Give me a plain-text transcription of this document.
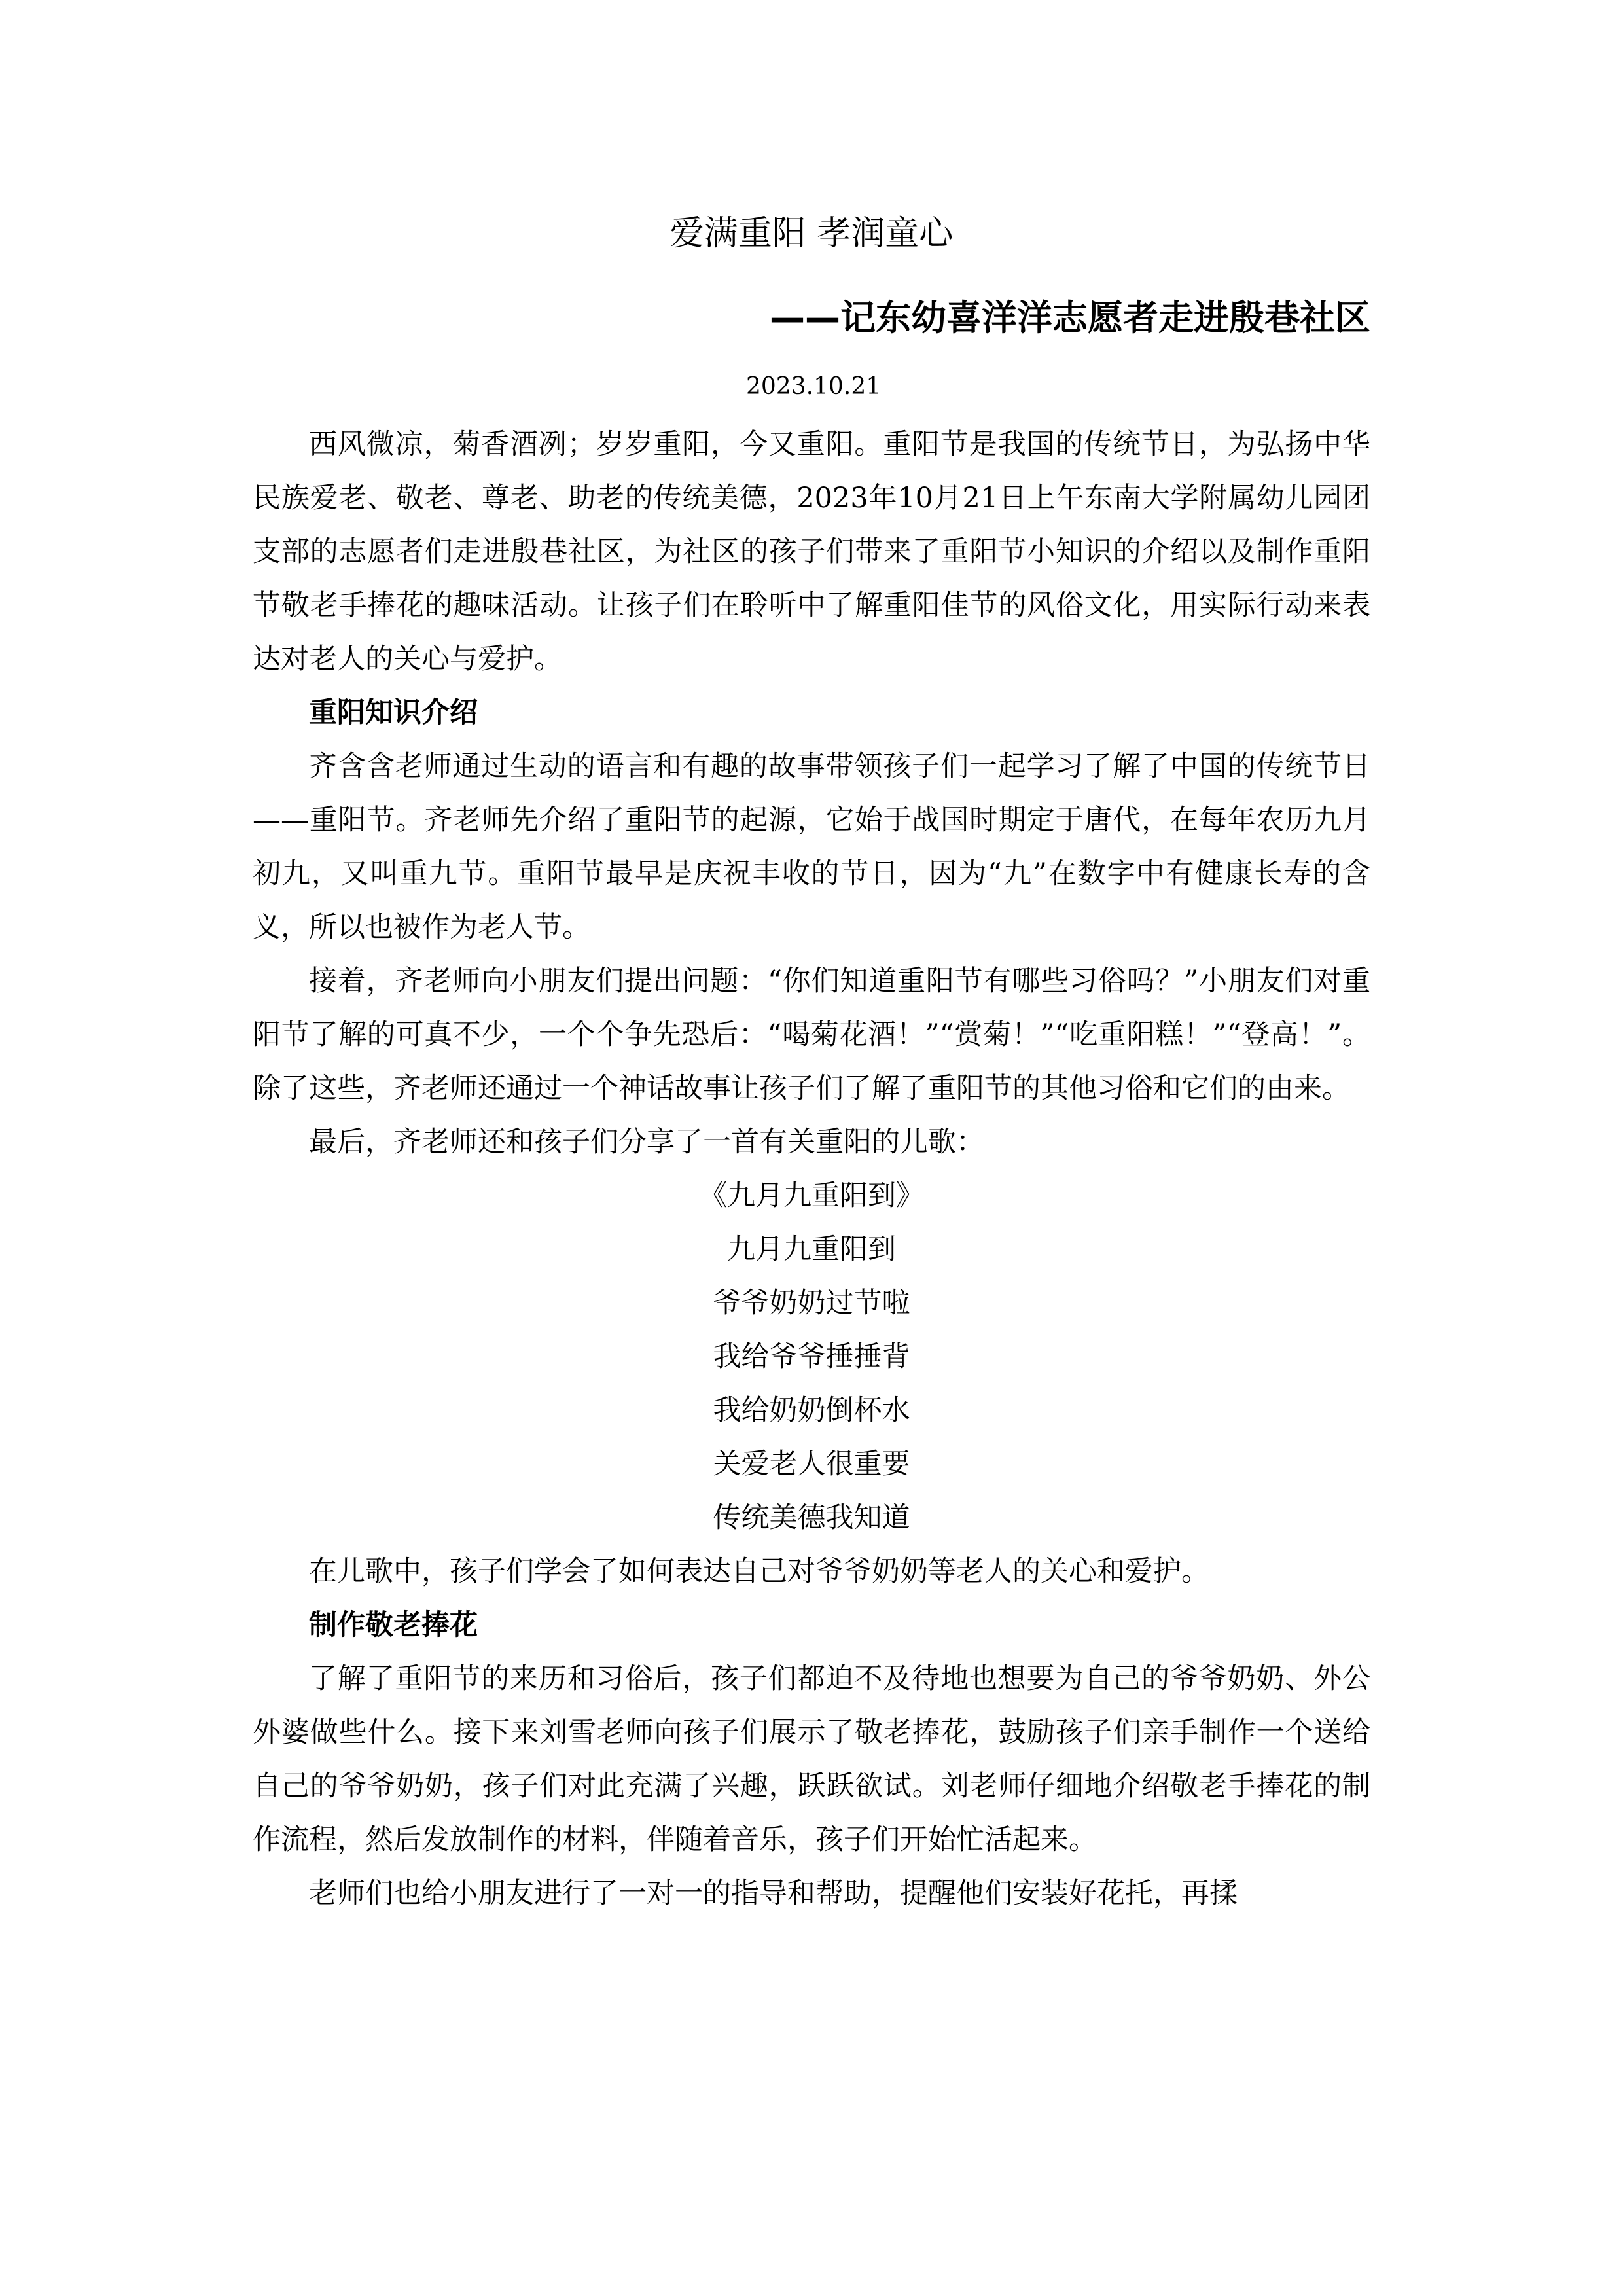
爱满重阳 孝润童心
——记东幼喜洋洋志愿者走进殷巷社区
2023.10.21

西风微凉，菊香酒冽；岁岁重阳，今又重阳。重阳节是我国的传统节日，为弘扬中华民族爱老、敬老、尊老、助老的传统美德，2023年10月21日上午东南大学附属幼儿园团支部的志愿者们走进殷巷社区，为社区的孩子们带来了重阳节小知识的介绍以及制作重阳节敬老手捧花的趣味活动。让孩子们在聆听中了解重阳佳节的风俗文化，用实际行动来表达对老人的关心与爱护。

重阳知识介绍

齐含含老师通过生动的语言和有趣的故事带领孩子们一起学习了解了中国的传统节日——重阳节。齐老师先介绍了重阳节的起源，它始于战国时期定于唐代，在每年农历九月初九，又叫重九节。重阳节最早是庆祝丰收的节日，因为“九”在数字中有健康长寿的含义，所以也被作为老人节。

接着，齐老师向小朋友们提出问题：“你们知道重阳节有哪些习俗吗？”小朋友们对重阳节了解的可真不少，一个个争先恐后：“喝菊花酒！”“赏菊！”“吃重阳糕！”“登高！”。除了这些，齐老师还通过一个神话故事让孩子们了解了重阳节的其他习俗和它们的由来。

最后，齐老师还和孩子们分享了一首有关重阳的儿歌：

《九月九重阳到》
九月九重阳到
爷爷奶奶过节啦
我给爷爷捶捶背
我给奶奶倒杯水
关爱老人很重要
传统美德我知道

在儿歌中，孩子们学会了如何表达自己对爷爷奶奶等老人的关心和爱护。

制作敬老捧花

了解了重阳节的来历和习俗后，孩子们都迫不及待地也想要为自己的爷爷奶奶、外公外婆做些什么。接下来刘雪老师向孩子们展示了敬老捧花，鼓励孩子们亲手制作一个送给自己的爷爷奶奶，孩子们对此充满了兴趣，跃跃欲试。刘老师仔细地介绍敬老手捧花的制作流程，然后发放制作的材料，伴随着音乐，孩子们开始忙活起来。

老师们也给小朋友进行了一对一的指导和帮助，提醒他们安装好花托，再揉
